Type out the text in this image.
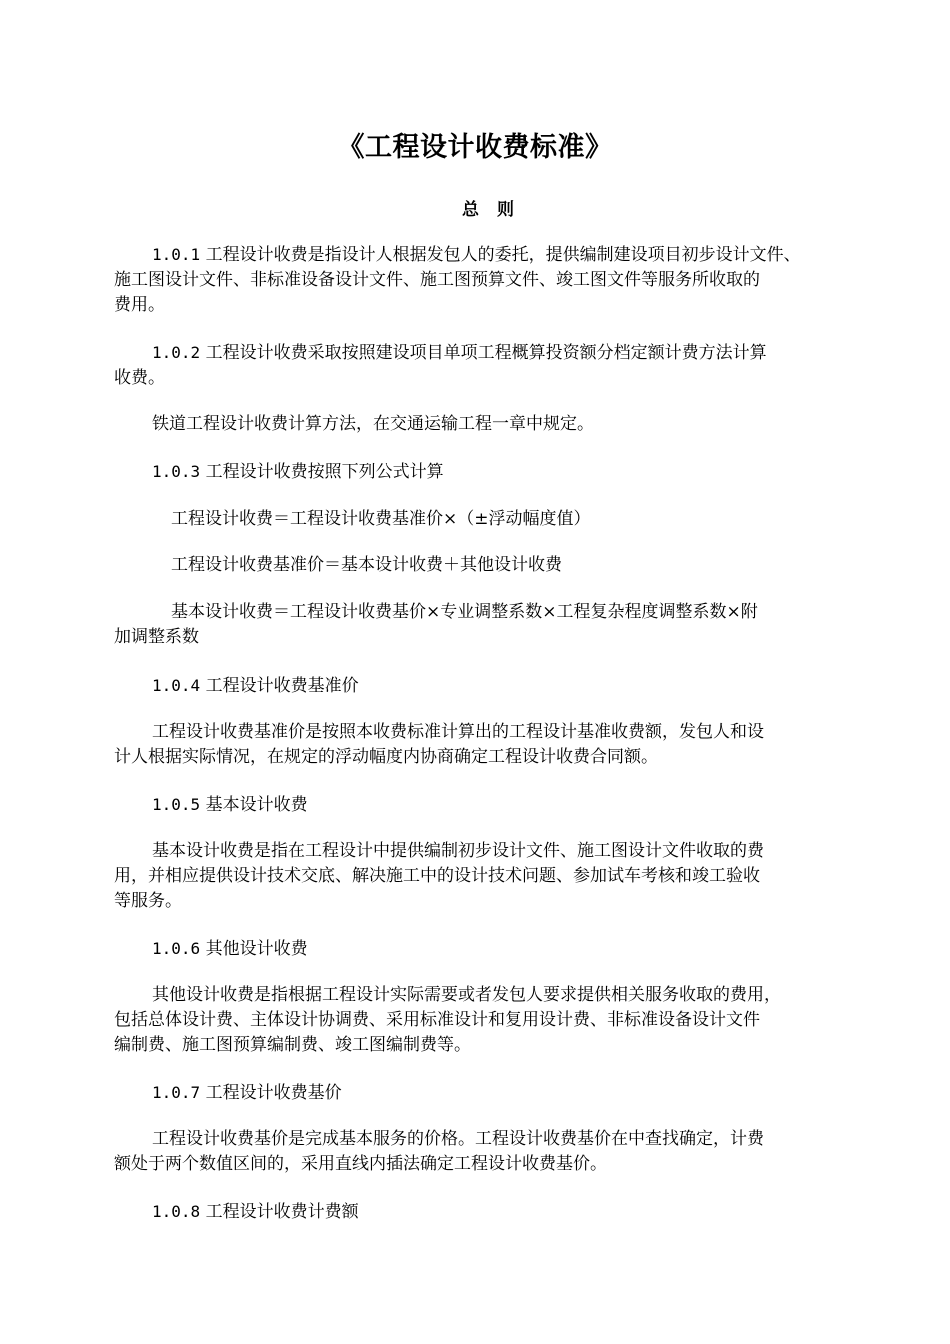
《工程设计收费标准》
总 则
1.0.1 工程设计收费是指设计人根据发包人的委托，提供编制建设项目初步设计文件、
施工图设计文件、非标准设备设计文件、施工图预算文件、竣工图文件等服务所收取的
费用。
1.0.2 工程设计收费采取按照建设项目单项工程概算投资额分档定额计费方法计算
收费。
铁道工程设计收费计算方法，在交通运输工程一章中规定。
1.0.3 工程设计收费按照下列公式计算
工程设计收费＝工程设计收费基准价×（±浮动幅度值）
工程设计收费基准价＝基本设计收费＋其他设计收费
基本设计收费＝工程设计收费基价×专业调整系数×工程复杂程度调整系数×附
加调整系数
1.0.4 工程设计收费基准价
工程设计收费基准价是按照本收费标准计算出的工程设计基准收费额，发包人和设
计人根据实际情况，在规定的浮动幅度内协商确定工程设计收费合同额。
1.0.5 基本设计收费
基本设计收费是指在工程设计中提供编制初步设计文件、施工图设计文件收取的费
用，并相应提供设计技术交底、解决施工中的设计技术问题、参加试车考核和竣工验收
等服务。
1.0.6 其他设计收费
其他设计收费是指根据工程设计实际需要或者发包人要求提供相关服务收取的费用，
包括总体设计费、主体设计协调费、采用标准设计和复用设计费、非标准设备设计文件
编制费、施工图预算编制费、竣工图编制费等。
1.0.7 工程设计收费基价
工程设计收费基价是完成基本服务的价格。工程设计收费基价在中查找确定，计费
额处于两个数值区间的，采用直线内插法确定工程设计收费基价。
1.0.8 工程设计收费计费额
